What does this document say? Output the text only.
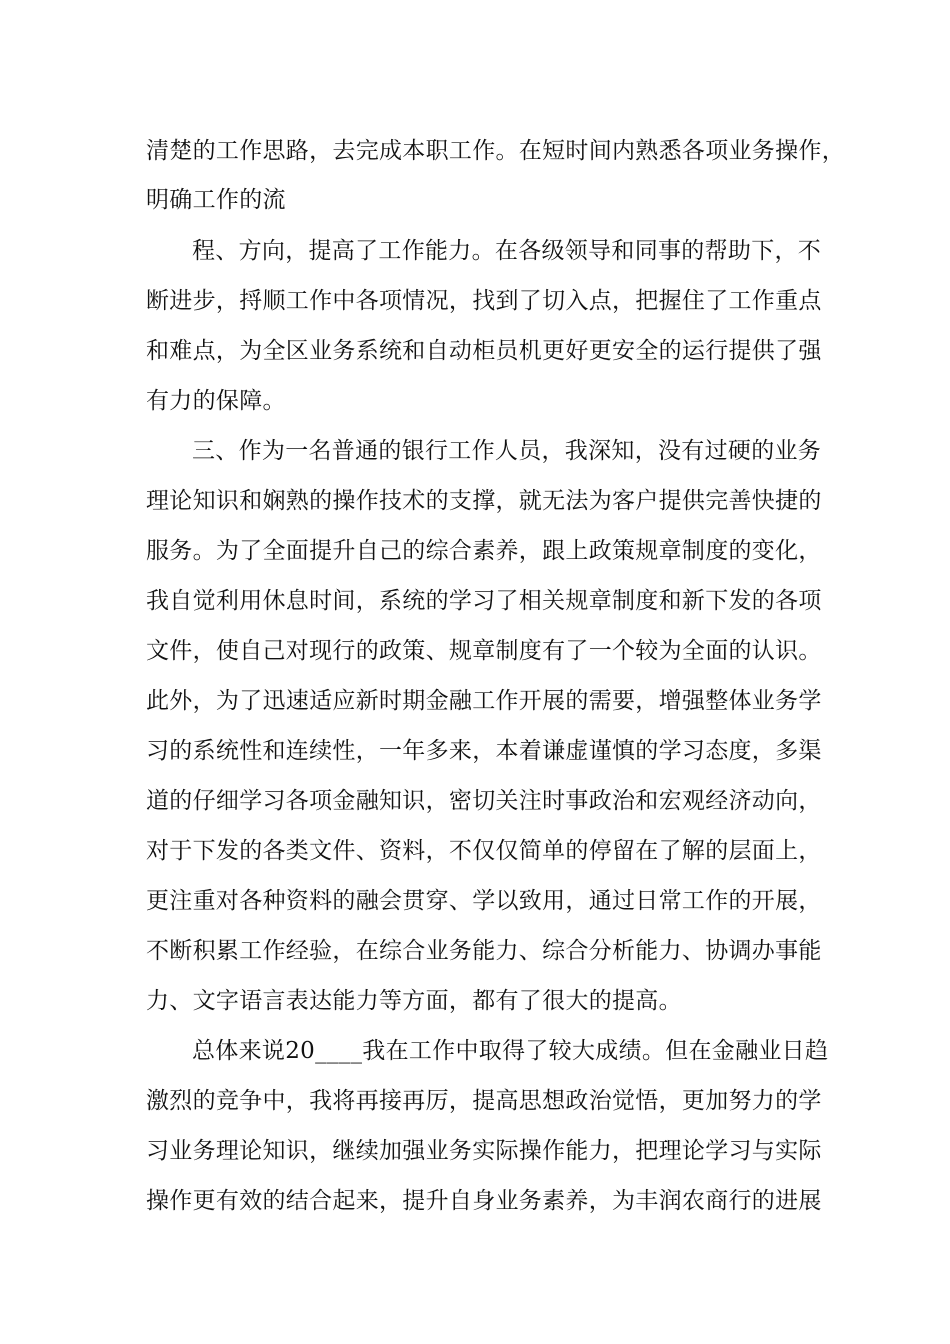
清楚的工作思路，去完成本职工作。在短时间内熟悉各项业务操作，
明确工作的流
程、方向，提高了工作能力。在各级领导和同事的帮助下，不
断进步，捋顺工作中各项情况，找到了切入点，把握住了工作重点
和难点，为全区业务系统和自动柜员机更好更安全的运行提供了强
有力的保障。
三、作为一名普通的银行工作人员，我深知，没有过硬的业务
理论知识和娴熟的操作技术的支撑，就无法为客户提供完善快捷的
服务。为了全面提升自己的综合素养，跟上政策规章制度的变化，
我自觉利用休息时间，系统的学习了相关规章制度和新下发的各项
文件，使自己对现行的政策、规章制度有了一个较为全面的认识。
此外，为了迅速适应新时期金融工作开展的需要，增强整体业务学
习的系统性和连续性，一年多来，本着谦虚谨慎的学习态度，多渠
道的仔细学习各项金融知识，密切关注时事政治和宏观经济动向，
对于下发的各类文件、资料，不仅仅简单的停留在了解的层面上，
更注重对各种资料的融会贯穿、学以致用，通过日常工作的开展，
不断积累工作经验，在综合业务能力、综合分析能力、协调办事能
力、文字语言表达能力等方面，都有了很大的提高。
总体来说20____我在工作中取得了较大成绩。但在金融业日趋
激烈的竞争中，我将再接再厉，提高思想政治觉悟，更加努力的学
习业务理论知识，继续加强业务实际操作能力，把理论学习与实际
操作更有效的结合起来，提升自身业务素养，为丰润农商行的进展
